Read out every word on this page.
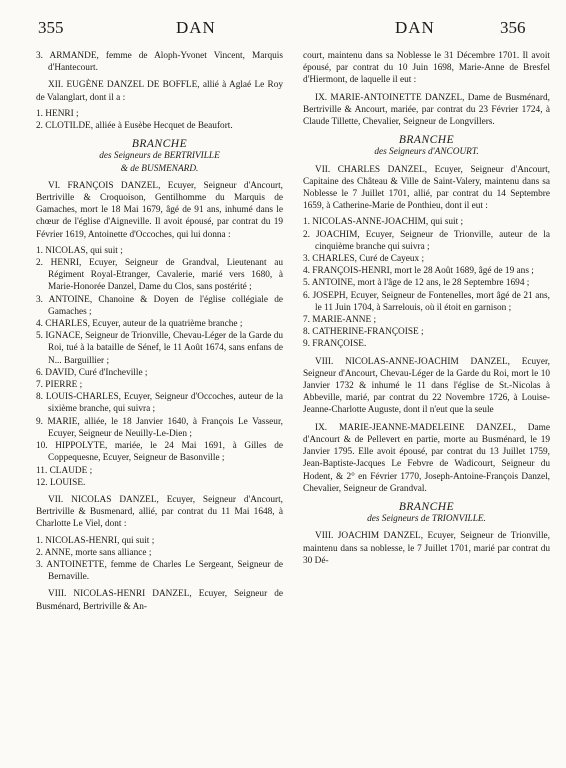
355	DAN	DAN	356

3. ARMANDE, femme de Aloph-Yvonet Vincent, Marquis d'Hantecourt.

XII. EUGÈNE DANZEL DE BOFFLE, allié à Aglaé Le Roy de Valanglart, dont il a :

1. HENRI ;

2. CLOTILDE, alliée à Eusèbe Hecquet de Beaufort.

BRANCHE

des Seigneurs de BERTRIVILLE

& de BUSMENARD.

VI. FRANÇOIS DANZEL, Ecuyer, Seigneur d'Ancourt, Bertriville & Croquoison, Gentilhomme du Marquis de Gamaches, mort le 18 Mai 1679, âgé de 91 ans, inhumé dans le chœur de l'église d'Aigneville. Il avoit épousé, par contrat du 19 Février 1619, Antoinette d'Occoches, qui lui donna :

1. NICOLAS, qui suit ;

2. HENRI, Ecuyer, Seigneur de Grandval, Lieutenant au Régiment Royal-Etranger, Cavalerie, marié vers 1680, à Marie-Honorée Danzel, Dame du Clos, sans postérité ;

3. ANTOINE, Chanoine & Doyen de l'église collégiale de Gamaches ;

4. CHARLES, Ecuyer, auteur de la quatrième branche ;

5. IGNACE, Seigneur de Trionville, Chevau-Léger de la Garde du Roi, tué à la bataille de Sénef, le 11 Août 1674, sans enfans de N... Barguillier ;

6. DAVID, Curé d'Incheville ;

7. PIERRE ;

8. LOUIS-CHARLES, Ecuyer, Seigneur d'Occoches, auteur de la sixième branche, qui suivra ;

9. MARIE, alliée, le 18 Janvier 1640, à François Le Vasseur, Ecuyer, Seigneur de Neuilly-Le-Dien ;

10. HIPPOLYTE, mariée, le 24 Mai 1691, à Gilles de Coppequesne, Ecuyer, Seigneur de Basonville ;

11. CLAUDE ;

12. LOUISE.

VII. NICOLAS DANZEL, Ecuyer, Seigneur d'Ancourt, Bertriville & Busmenard, allié, par contrat du 11 Mai 1648, à Charlotte Le Viel, dont :

1. NICOLAS-HENRI, qui suit ;

2. ANNE, morte sans alliance ;

3. ANTOINETTE, femme de Charles Le Sergeant, Seigneur de Bernaville.

VIII. NICOLAS-HENRI DANZEL, Ecuyer, Seigneur de Busménard, Bertriville & An-

court, maintenu dans sa Noblesse le 31 Décembre 1701. Il avoit épousé, par contrat du 10 Juin 1698, Marie-Anne de Bresfel d'Hiermont, de laquelle il eut :

IX. MARIE-ANTOINETTE DANZEL, Dame de Busménard, Bertriville & Ancourt, mariée, par contrat du 23 Février 1724, à Claude Tillette, Chevalier, Seigneur de Longvillers.

BRANCHE

des Seigneurs d'ANCOURT.

VII. CHARLES DANZEL, Ecuyer, Seigneur d'Ancourt, Capitaine des Château & Ville de Saint-Valery, maintenu dans sa Noblesse le 7 Juillet 1701, allié, par contrat du 14 Septembre 1659, à Catherine-Marie de Ponthieu, dont il eut :

1. NICOLAS-ANNE-JOACHIM, qui suit ;

2. JOACHIM, Ecuyer, Seigneur de Trionville, auteur de la cinquième branche qui suivra ;

3. CHARLES, Curé de Cayeux ;

4. FRANÇOIS-HENRI, mort le 28 Août 1689, âgé de 19 ans ;

5. ANTOINE, mort à l'âge de 12 ans, le 28 Septembre 1694 ;

6. JOSEPH, Ecuyer, Seigneur de Fontenelles, mort âgé de 21 ans, le 11 Juin 1704, à Sarrelouis, où il étoit en garnison ;

7. MARIE-ANNE ;

8. CATHERINE-FRANÇOISE ;

9. FRANÇOISE.

VIII. NICOLAS-ANNE-JOACHIM DANZEL, Ecuyer, Seigneur d'Ancourt, Chevau-Léger de la Garde du Roi, mort le 10 Janvier 1732 & inhumé le 11 dans l'église de St.-Nicolas à Abbeville, marié, par contrat du 22 Novembre 1726, à Louise-Jeanne-Charlotte Auguste, dont il n'eut que la seule

IX. MARIE-JEANNE-MADELEINE DANZEL, Dame d'Ancourt & de Pellevert en partie, morte au Busménard, le 19 Janvier 1795. Elle avoit épousé, par contrat du 13 Juillet 1759, Jean-Baptiste-Jacques Le Febvre de Wadicourt, Seigneur du Hodent, & 2° en Février 1770, Joseph-Antoine-François Danzel, Chevalier, Seigneur de Grandval.

BRANCHE

des Seigneurs de TRIONVILLE.

VIII. JOACHIM DANZEL, Ecuyer, Seigneur de Trionville, maintenu dans sa noblesse, le 7 Juillet 1701, marié par contrat du 30 Dé-
